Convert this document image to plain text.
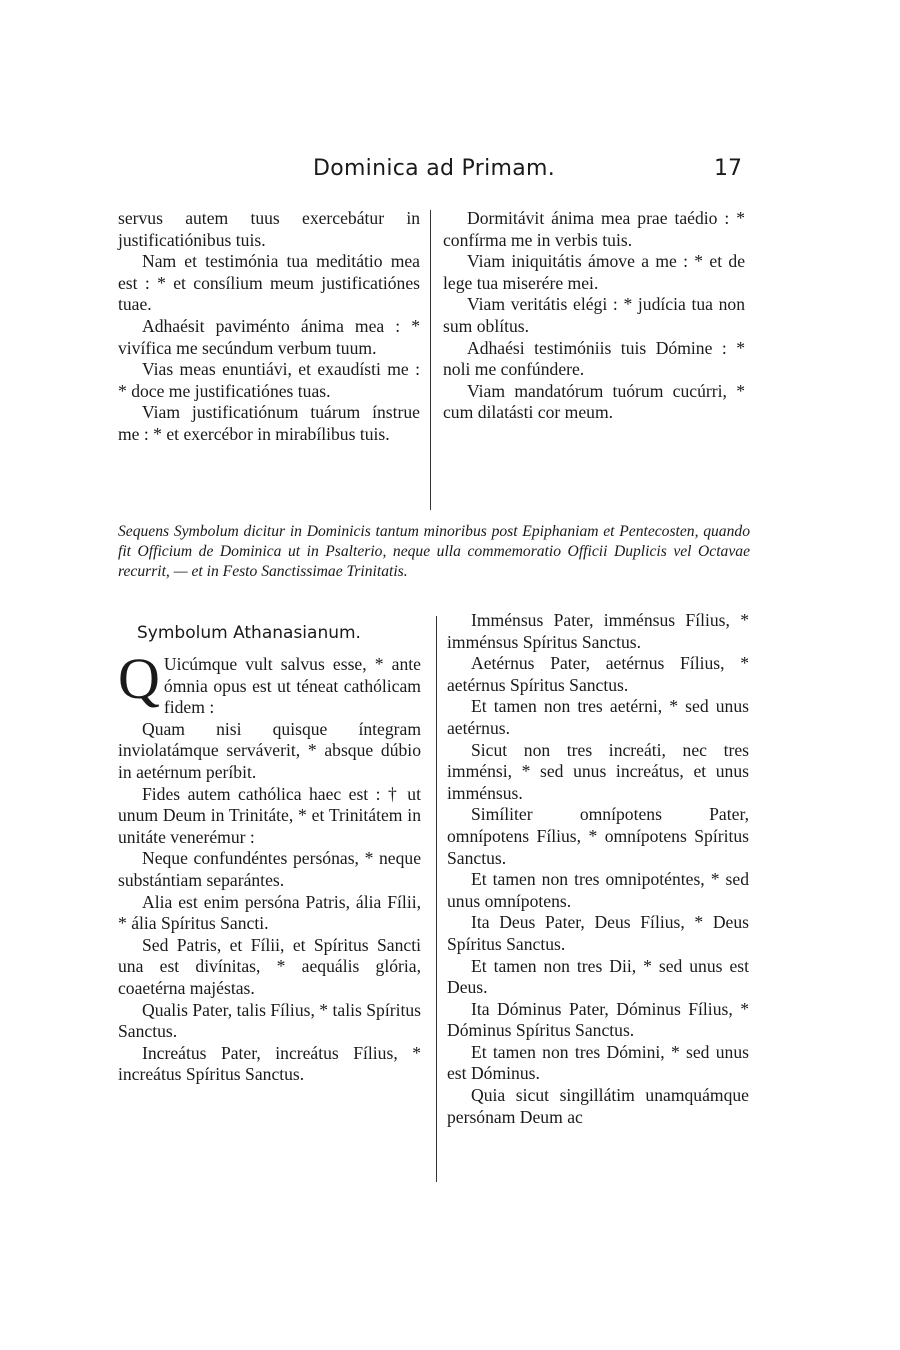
Dominica ad Primam.	17

servus autem tuus exercebátur in justificatiónibus tuis.

Nam et testimónia tua meditátio mea est : * et consílium meum justificatiónes tuae.

Adhaésit paviménto ánima mea : * vivífica me secúndum verbum tuum.

Vias meas enuntiávi, et exaudísti me : * doce me justificatiónes tuas.

Viam justificatiónum tuárum ínstrue me : * et exercébor in mirabílibus tuis.

Dormitávit ánima mea prae taédio : * confírma me in verbis tuis.

Viam iniquitátis ámove a me : * et de lege tua miserére mei.

Viam veritátis elégi : * judícia tua non sum oblítus.

Adhaési testimóniis tuis Dómine : * noli me confúndere.

Viam mandatórum tuórum cucúrri, * cum dilatásti cor meum.

Sequens Symbolum dicitur in Dominicis tantum minoribus post Epiphaniam et Pentecosten, quando fit Officium de Dominica ut in Psalterio, neque ulla commemoratio Officii Duplicis vel Octavae recurrit, — et in Festo Sanctissimae Trinitatis.
Symbolum Athanasianum.

Q Uicúmque vult salvus esse, * ante ómnia opus est ut téneat cathólicam fidem :

Quam nisi quisque íntegram inviolatámque serváverit, * absque dúbio in aetérnum períbit.

Fides autem cathólica haec est : † ut unum Deum in Trinitáte, * et Trinitátem in unitáte venerémur :

Neque confundéntes persónas, * neque substántiam separántes.

Alia est enim persóna Patris, ália Fílii, * ália Spíritus Sancti.

Sed Patris, et Fílii, et Spíritus Sancti una est divínitas, * aequális glória, coaetérna majéstas.

Qualis Pater, talis Fílius, * talis Spíritus Sanctus.

Increátus Pater, increátus Fílius, * increátus Spíritus Sanctus.

Imménsus Pater, imménsus Fílius, * imménsus Spíritus Sanctus.

Aetérnus Pater, aetérnus Fílius, * aetérnus Spíritus Sanctus.

Et tamen non tres aetérni, * sed unus aetérnus.

Sicut non tres increáti, nec tres imménsi, * sed unus increátus, et unus imménsus.

Simíliter omnípotens Pater, omnípotens Fílius, * omnípotens Spíritus Sanctus.

Et tamen non tres omnipoténtes, * sed unus omnípotens.

Ita Deus Pater, Deus Fílius, * Deus Spíritus Sanctus.

Et tamen non tres Dii, * sed unus est Deus.

Ita Dóminus Pater, Dóminus Fílius, * Dóminus Spíritus Sanctus.

Et tamen non tres Dómini, * sed unus est Dóminus.

Quia sicut singillátim unamquámque persónam Deum ac
